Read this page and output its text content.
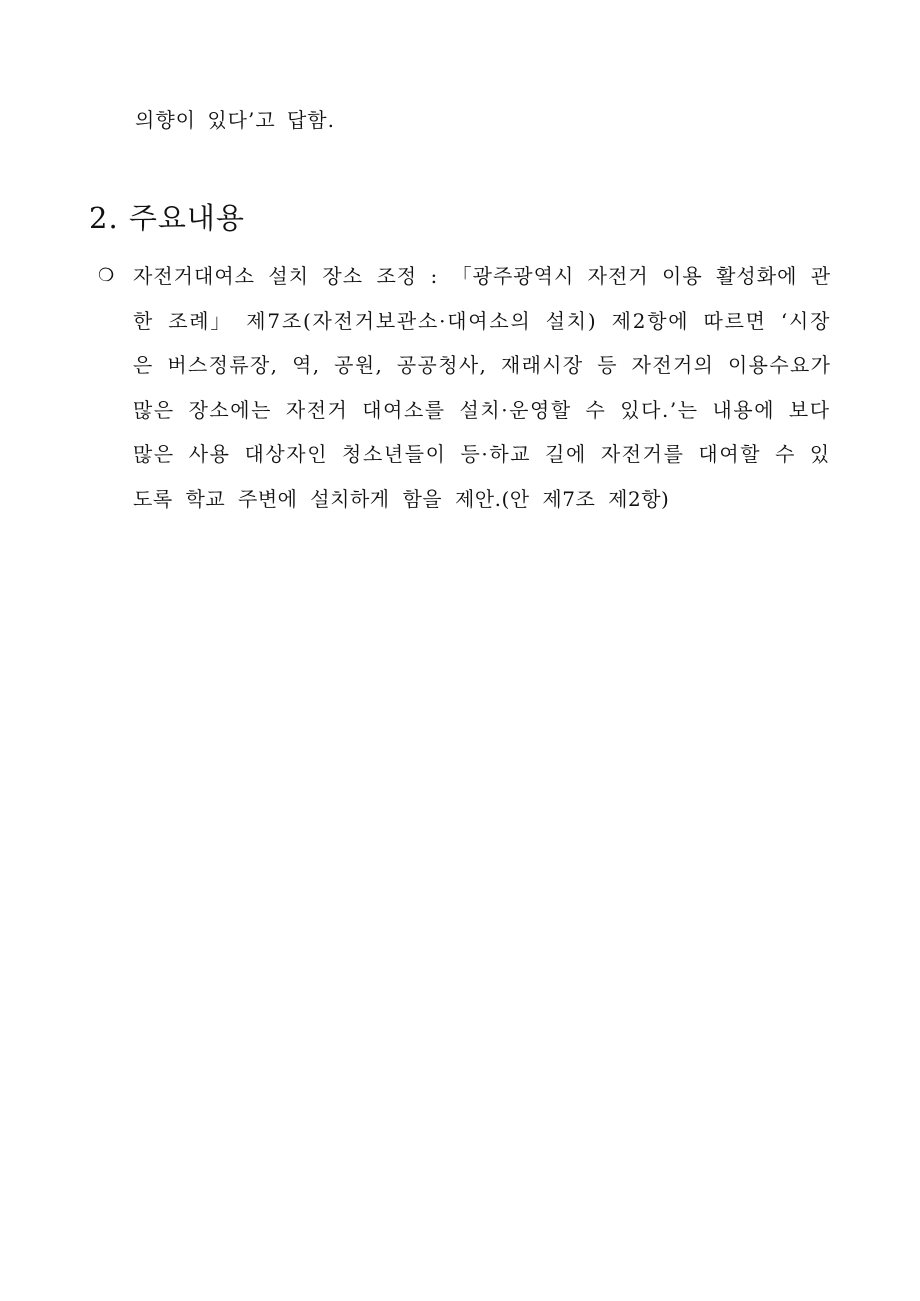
의향이 있다’고 답함.
2. 주요내용
❍ 자전거대여소 설치 장소 조정 : 「광주광역시 자전거 이용 활성화에 관
한 조례」 제7조(자전거보관소·대여소의 설치) 제2항에 따르면 ‘시장
은 버스정류장, 역, 공원, 공공청사, 재래시장 등 자전거의 이용수요가
많은 장소에는 자전거 대여소를 설치·운영할 수 있다.’는 내용에 보다
많은 사용 대상자인 청소년들이 등·하교 길에 자전거를 대여할 수 있
도록 학교 주변에 설치하게 함을 제안.(안 제7조 제2항)
